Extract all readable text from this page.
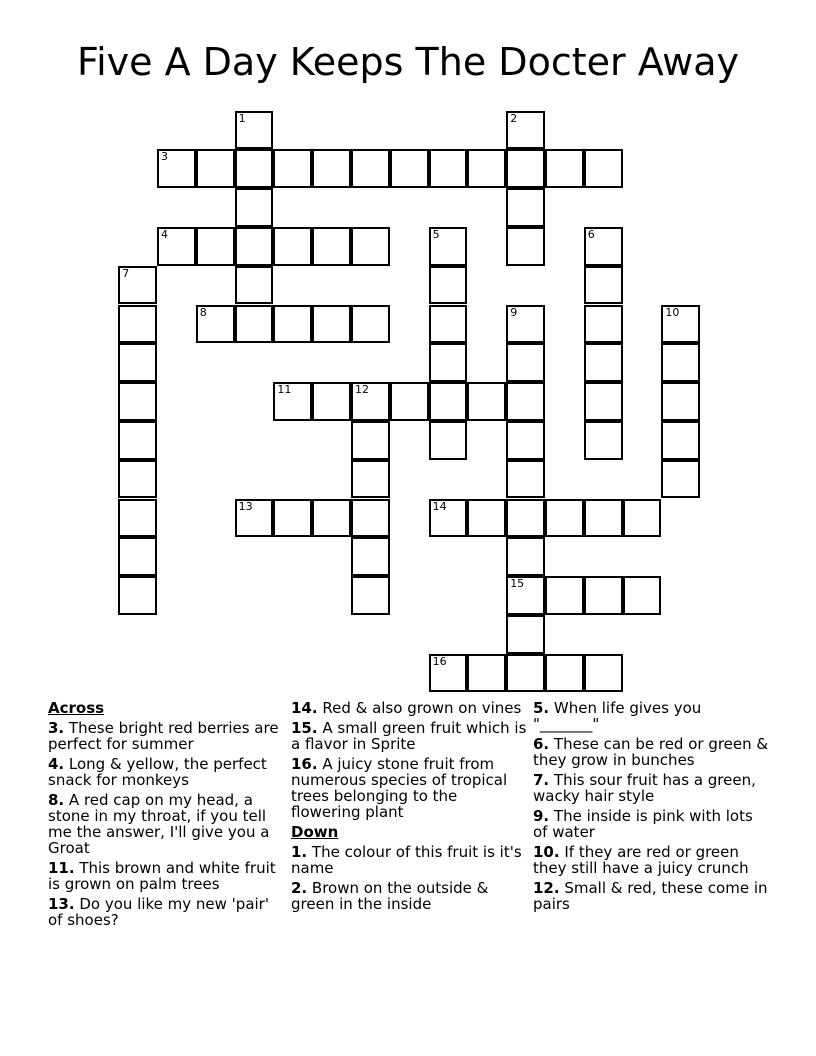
Five A Day Keeps The Docter Away
1	2
3
4	5	6
7
8	9	10
11	12
13	14
15
16
Across
3. These bright red berries are perfect for summer
4. Long & yellow, the perfect snack for monkeys
8. A red cap on my head, a stone in my throat, if you tell me the answer, I'll give you a Groat
11. This brown and white fruit is grown on palm trees
13. Do you like my new 'pair' of shoes?
14. Red & also grown on vines
15. A small green fruit which is a flavor in Sprite
16. A juicy stone fruit from numerous species of tropical trees belonging to the flowering plant
Down
1. The colour of this fruit is it's name
2. Brown on the outside & green in the inside
5. When life gives you "_______"
6. These can be red or green & they grow in bunches
7. This sour fruit has a green, wacky hair style
9. The inside is pink with lots of water
10. If they are red or green they still have a juicy crunch
12. Small & red, these come in pairs
